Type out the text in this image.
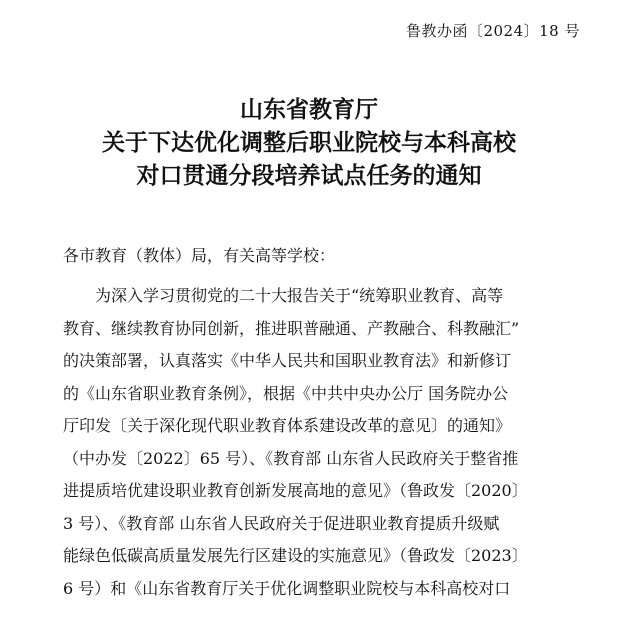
鲁教办函〔2024〕18 号
山东省教育厅
关于下达优化调整后职业院校与本科高校
对口贯通分段培养试点任务的通知
各市教育（教体）局，有关高等学校：
为深入学习贯彻党的二十大报告关于“统筹职业教育、高等
教育、继续教育协同创新，推进职普融通、产教融合、科教融汇”
的决策部署，认真落实《中华人民共和国职业教育法》和新修订
的《山东省职业教育条例》，根据《中共中央办公厅 国务院办公
厅印发〔关于深化现代职业教育体系建设改革的意见〕的通知》
（中办发〔2022〕65 号）、《教育部 山东省人民政府关于整省推
进提质培优建设职业教育创新发展高地的意见》（鲁政发〔2020〕
3 号）、《教育部 山东省人民政府关于促进职业教育提质升级赋
能绿色低碳高质量发展先行区建设的实施意见》（鲁政发〔2023〕
6 号）和《山东省教育厅关于优化调整职业院校与本科高校对口
